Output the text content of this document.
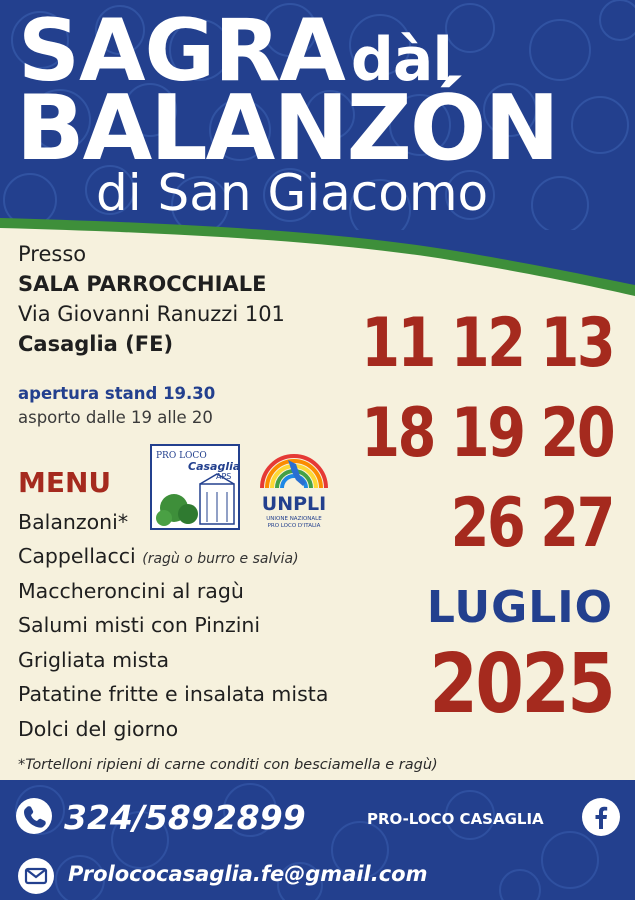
SAGRA dàl
BALANZÓN
di San Giacomo
Presso
SALA PARROCCHIALE
Via Giovanni Ranuzzi 101
Casaglia (FE)
apertura stand 19.30
asporto dalle 19 alle 20
11 12 13
18 19 20
26 27
LUGLIO
2025
PRO LOCO
Casaglia
APS
UNPLI
UNIONE NAZIONALE
PRO LOCO D'ITALIA
MENU
Balanzoni*
Cappellacci (ragù o burro e salvia)
Maccheroncini al ragù
Salumi misti con Pinzini
Grigliata mista
Patatine fritte e insalata mista
Dolci del giorno
*Tortelloni ripieni di carne conditi con besciamella e ragù)
324/5892899	PRO-LOCO CASAGLIA
Prolococasaglia.fe@gmail.com
